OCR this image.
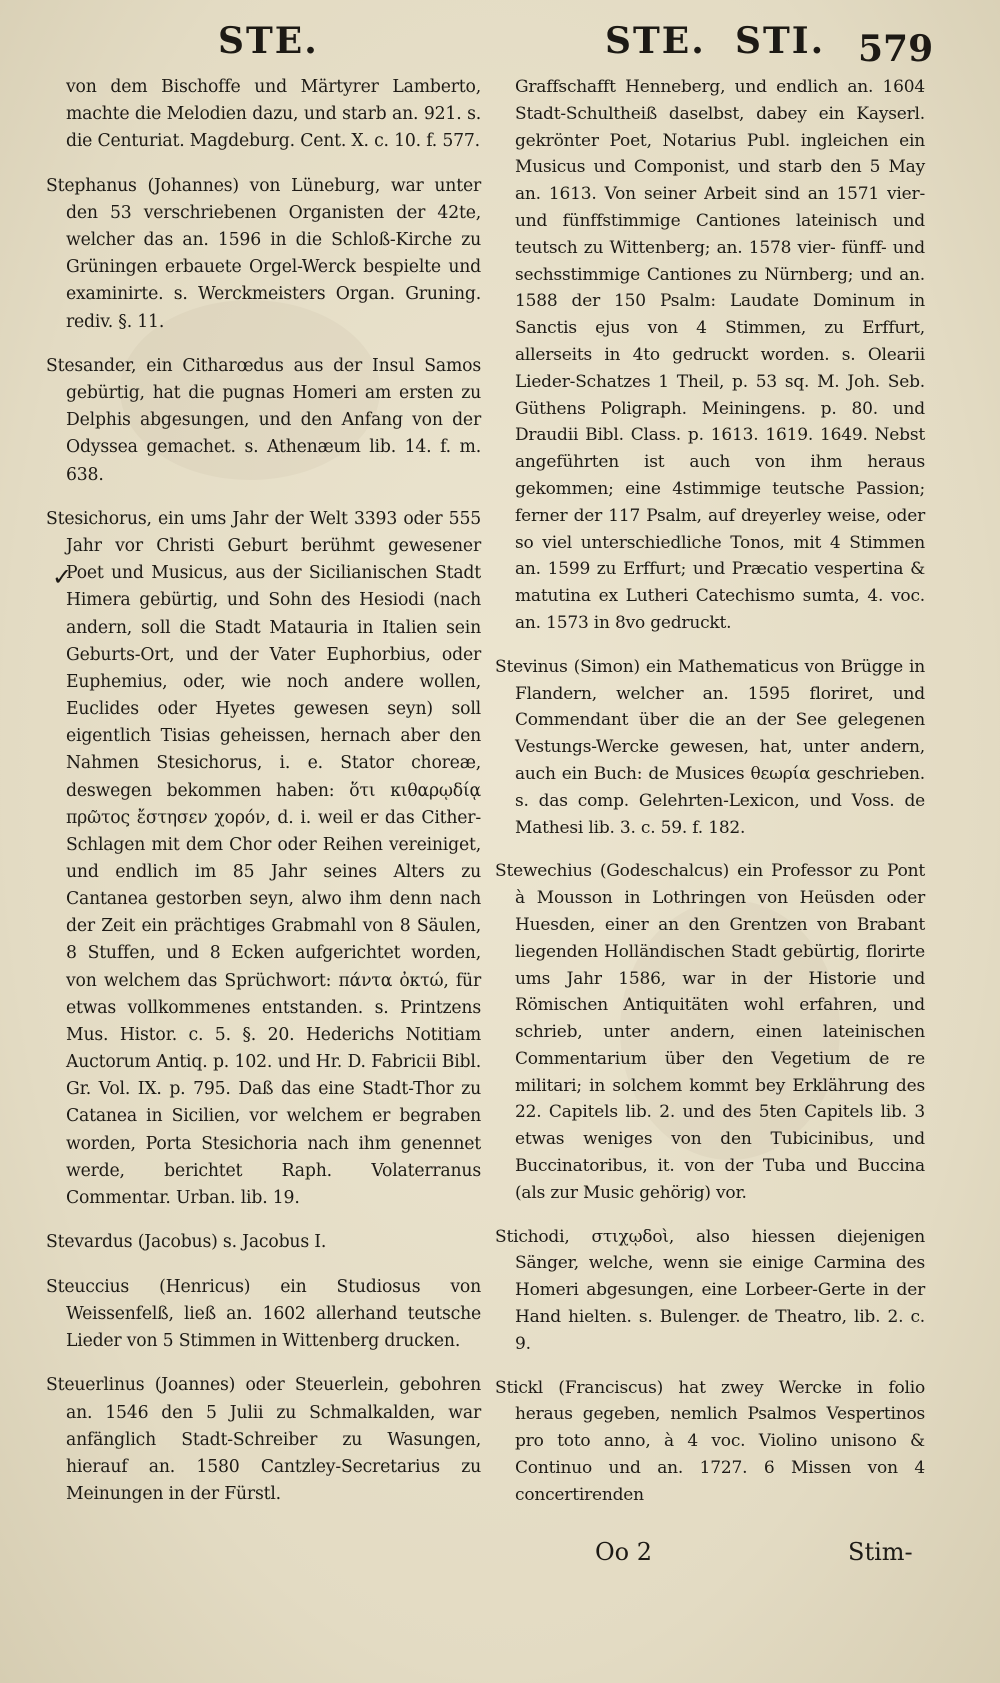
STE.	STE. STI. 579
✓

von dem Bischoffe und Märtyrer Lamberto, machte die Melodien dazu, und starb an. 921. s. die Centuriat. Magdeburg. Cent. X. c. 10. f. 577.

Stephanus (Johannes) von Lüneburg, war unter den 53 verschriebenen Organisten der 42te, welcher das an. 1596 in die Schloß-Kirche zu Grüningen erbauete Orgel-Werck bespielte und examinirte. s. Werckmeisters Organ. Gruning. rediv. §. 11.

Stesander, ein Citharœdus aus der Insul Samos gebürtig, hat die pugnas Homeri am ersten zu Delphis abgesungen, und den Anfang von der Odyssea gemachet. s. Athenæum lib. 14. f. m. 638.

Stesichorus, ein ums Jahr der Welt 3393 oder 555 Jahr vor Christi Geburt berühmt gewesener Poet und Musicus, aus der Sicilianischen Stadt Himera gebürtig, und Sohn des Hesiodi (nach andern, soll die Stadt Matauria in Italien sein Geburts-Ort, und der Vater Euphorbius, oder Euphemius, oder, wie noch andere wollen, Euclides oder Hyetes gewesen seyn) soll eigentlich Tisias geheissen, hernach aber den Nahmen Stesichorus, i. e. Stator choreæ, deswegen bekommen haben: ὅτι κιθαρῳδίᾳ πρῶτος ἔστησεν χορόν, d. i. weil er das Cither-Schlagen mit dem Chor oder Reihen vereiniget, und endlich im 85 Jahr seines Alters zu Cantanea gestorben seyn, alwo ihm denn nach der Zeit ein prächtiges Grabmahl von 8 Säulen, 8 Stuffen, und 8 Ecken aufgerichtet worden, von welchem das Sprüchwort: πάντα ὀκτώ, für etwas vollkommenes entstanden. s. Printzens Mus. Histor. c. 5. §. 20. Hederichs Notitiam Auctorum Antiq. p. 102. und Hr. D. Fabricii Bibl. Gr. Vol. IX. p. 795. Daß das eine Stadt-Thor zu Catanea in Sicilien, vor welchem er begraben worden, Porta Stesichoria nach ihm genennet werde, berichtet Raph. Volaterranus Commentar. Urban. lib. 19.

Stevardus (Jacobus) s. Jacobus I.

Steuccius (Henricus) ein Studiosus von Weissenfelß, ließ an. 1602 allerhand teutsche Lieder von 5 Stimmen in Wittenberg drucken.

Steuerlinus (Joannes) oder Steuerlein, gebohren an. 1546 den 5 Julii zu Schmalkalden, war anfänglich Stadt-Schreiber zu Wasungen, hierauf an. 1580 Cantzley-Secretarius zu Meinungen in der Fürstl.

Graffschafft Henneberg, und endlich an. 1604 Stadt-Schultheiß daselbst, dabey ein Kayserl. gekrönter Poet, Notarius Publ. ingleichen ein Musicus und Componist, und starb den 5 May an. 1613. Von seiner Arbeit sind an 1571 vier- und fünffstimmige Cantiones lateinisch und teutsch zu Wittenberg; an. 1578 vier- fünff- und sechsstimmige Cantiones zu Nürnberg; und an. 1588 der 150 Psalm: Laudate Dominum in Sanctis ejus von 4 Stimmen, zu Erffurt, allerseits in 4to gedruckt worden. s. Olearii Lieder-Schatzes 1 Theil, p. 53 sq. M. Joh. Seb. Güthens Poligraph. Meiningens. p. 80. und Draudii Bibl. Class. p. 1613. 1619. 1649. Nebst angeführten ist auch von ihm heraus gekommen; eine 4stimmige teutsche Passion; ferner der 117 Psalm, auf dreyerley weise, oder so viel unterschiedliche Tonos, mit 4 Stimmen an. 1599 zu Erffurt; und Præcatio vespertina & matutina ex Lutheri Catechismo sumta, 4. voc. an. 1573 in 8vo gedruckt.

Stevinus (Simon) ein Mathematicus von Brügge in Flandern, welcher an. 1595 floriret, und Commendant über die an der See gelegenen Vestungs-Wercke gewesen, hat, unter andern, auch ein Buch: de Musices θεωρία geschrieben. s. das comp. Gelehrten-Lexicon, und Voss. de Mathesi lib. 3. c. 59. f. 182.

Stewechius (Godeschalcus) ein Professor zu Pont à Mousson in Lothringen von Heüsden oder Huesden, einer an den Grentzen von Brabant liegenden Holländischen Stadt gebürtig, florirte ums Jahr 1586, war in der Historie und Römischen Antiquitäten wohl erfahren, und schrieb, unter andern, einen lateinischen Commentarium über den Vegetium de re militari; in solchem kommt bey Erklährung des 22. Capitels lib. 2. und des 5ten Capitels lib. 3 etwas weniges von den Tubicinibus, und Buccinatoribus, it. von der Tuba und Buccina (als zur Music gehörig) vor.

Stichodi, στιχῳδοὶ, also hiessen diejenigen Sänger, welche, wenn sie einige Carmina des Homeri abgesungen, eine Lorbeer-Gerte in der Hand hielten. s. Bulenger. de Theatro, lib. 2. c. 9.

Stickl (Franciscus) hat zwey Wercke in folio heraus gegeben, nemlich Psalmos Vespertinos pro toto anno, à 4 voc. Violino unisono & Continuo und an. 1727. 6 Missen von 4 concertirenden

Oo 2	Stim-
